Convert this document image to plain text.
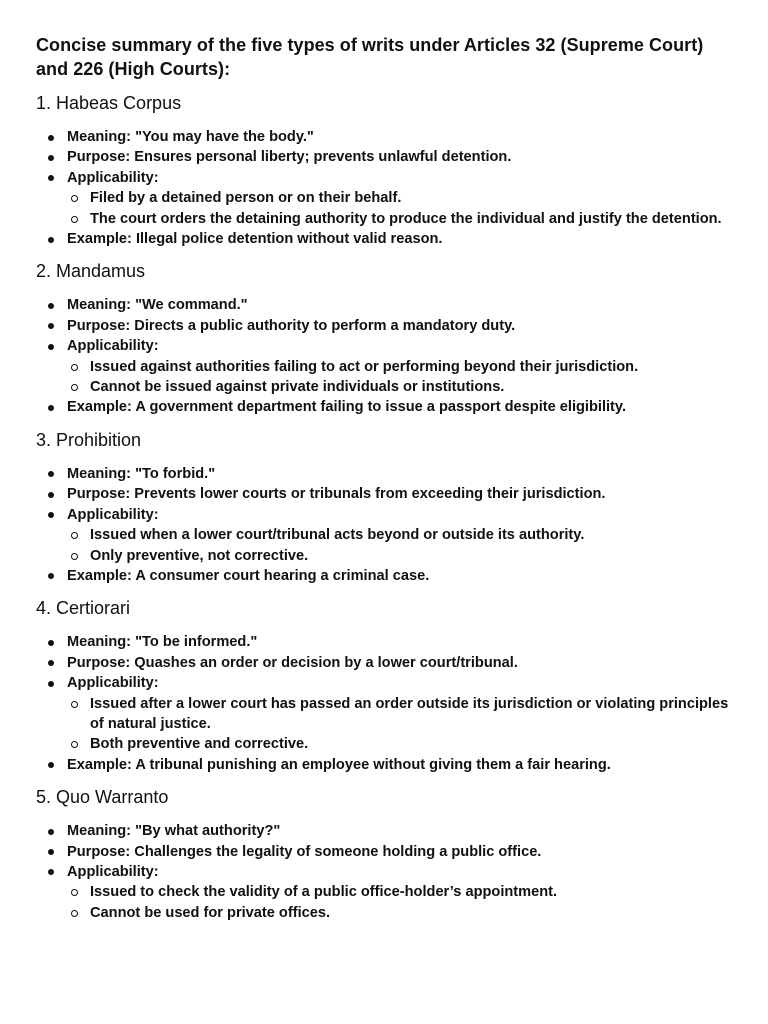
Concise summary of the five types of writs under Articles 32 (Supreme Court) and 226 (High Courts):
1. Habeas Corpus
Meaning: "You may have the body."
Purpose: Ensures personal liberty; prevents unlawful detention.
Applicability:
Filed by a detained person or on their behalf.
The court orders the detaining authority to produce the individual and justify the detention.
Example: Illegal police detention without valid reason.
2. Mandamus
Meaning: "We command."
Purpose: Directs a public authority to perform a mandatory duty.
Applicability:
Issued against authorities failing to act or performing beyond their jurisdiction.
Cannot be issued against private individuals or institutions.
Example: A government department failing to issue a passport despite eligibility.
3. Prohibition
Meaning: "To forbid."
Purpose: Prevents lower courts or tribunals from exceeding their jurisdiction.
Applicability:
Issued when a lower court/tribunal acts beyond or outside its authority.
Only preventive, not corrective.
Example: A consumer court hearing a criminal case.
4. Certiorari
Meaning: "To be informed."
Purpose: Quashes an order or decision by a lower court/tribunal.
Applicability:
Issued after a lower court has passed an order outside its jurisdiction or violating principles of natural justice.
Both preventive and corrective.
Example: A tribunal punishing an employee without giving them a fair hearing.
5. Quo Warranto
Meaning: "By what authority?"
Purpose: Challenges the legality of someone holding a public office.
Applicability:
Issued to check the validity of a public office-holder’s appointment.
Cannot be used for private offices.
